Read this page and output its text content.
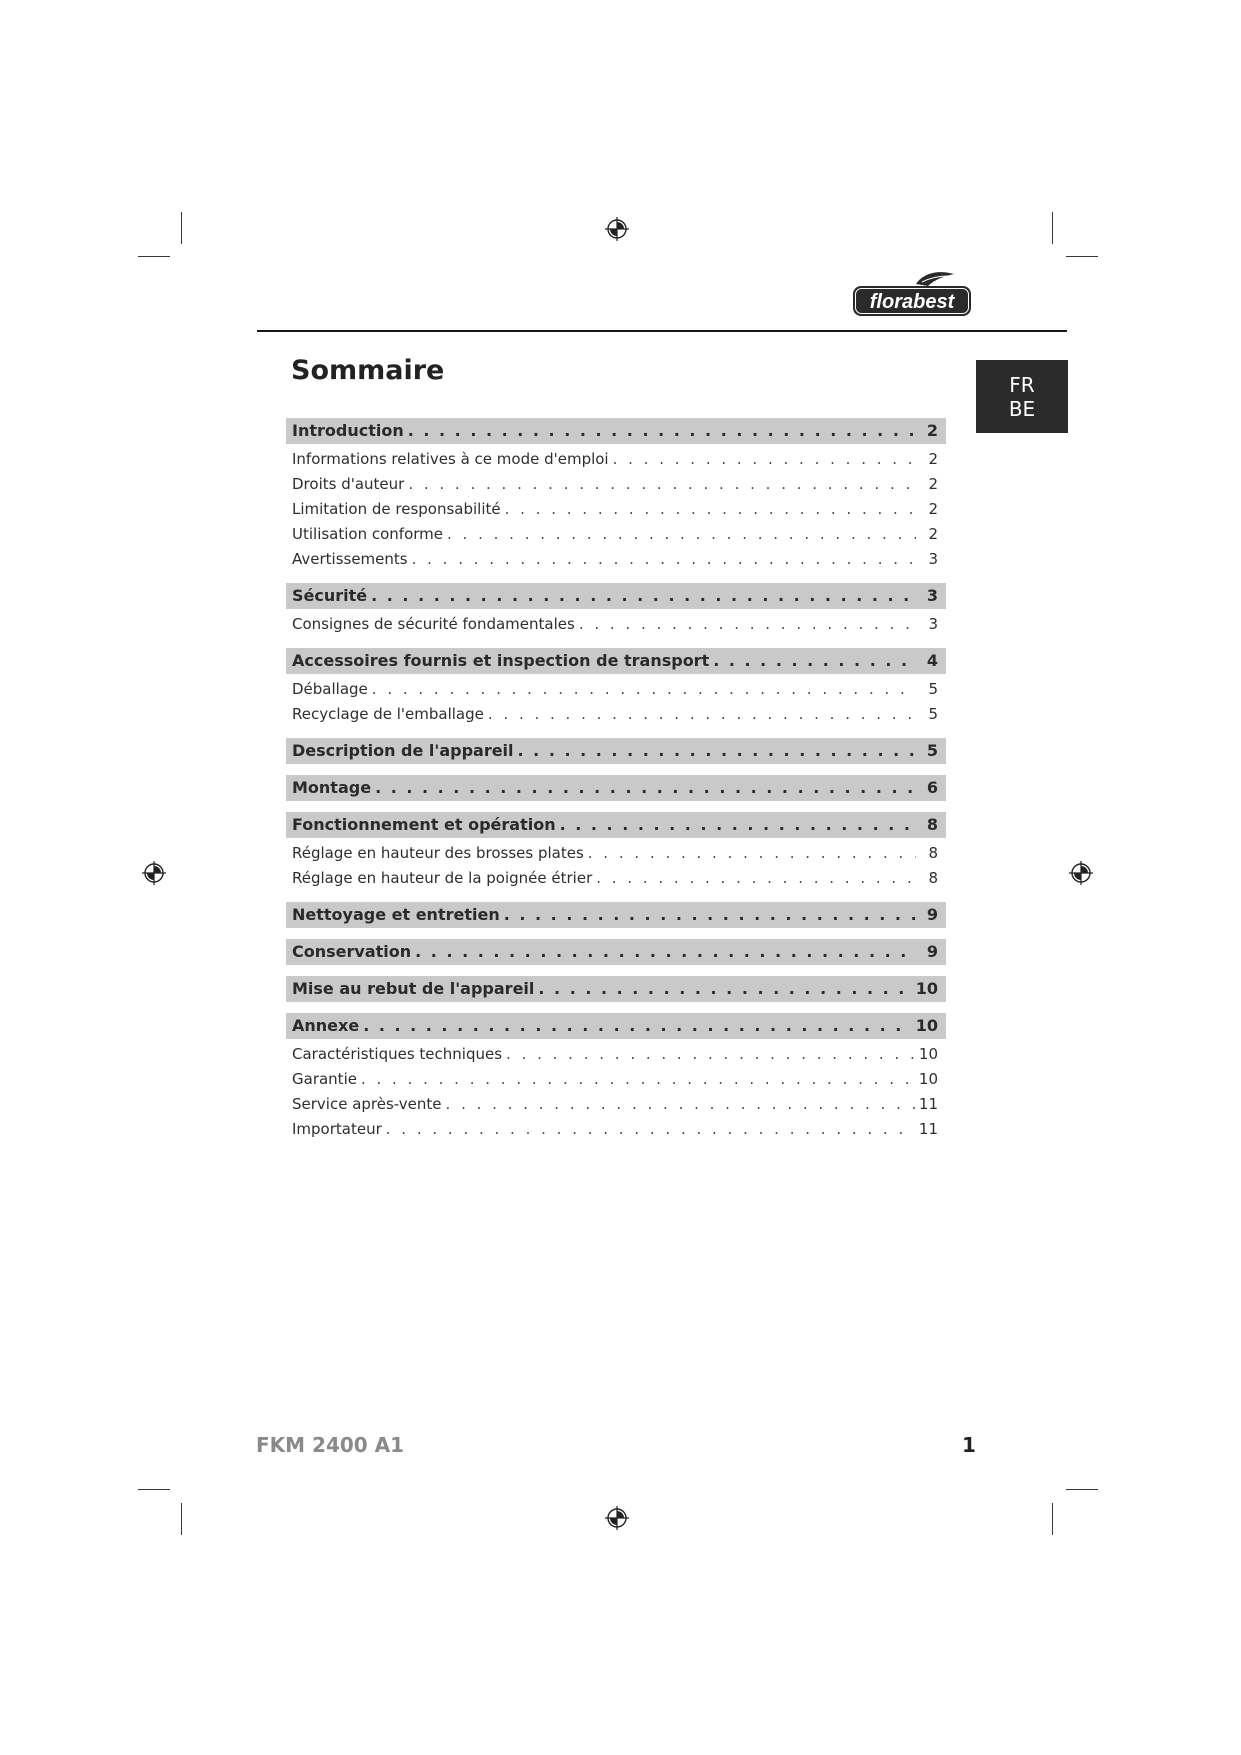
florabest
FR
BE
Sommaire
Introduction . . .	2
Informations relatives à ce mode d'emploi . . .	2
Droits d'auteur . . .	2
Limitation de responsabilité . . .	2
Utilisation conforme . . .	2
Avertissements . . .	3
Sécurité . . .	3
Consignes de sécurité fondamentales . . .	3
Accessoires fournis et inspection de transport . . .	4
Déballage . . .	5
Recyclage de l'emballage . . .	5
Description de l'appareil . . .	5
Montage . . .	6
Fonctionnement et opération . . .	8
Réglage en hauteur des brosses plates . . .	8
Réglage en hauteur de la poignée étrier . . .	8
Nettoyage et entretien . . .	9
Conservation . . .	9
Mise au rebut de l'appareil . . .	10
Annexe . . .	10
Caractéristiques techniques . . .	10
Garantie . . .	10
Service après-vente . . .	11
Importateur . . .	11
FKM 2400 A1	1
